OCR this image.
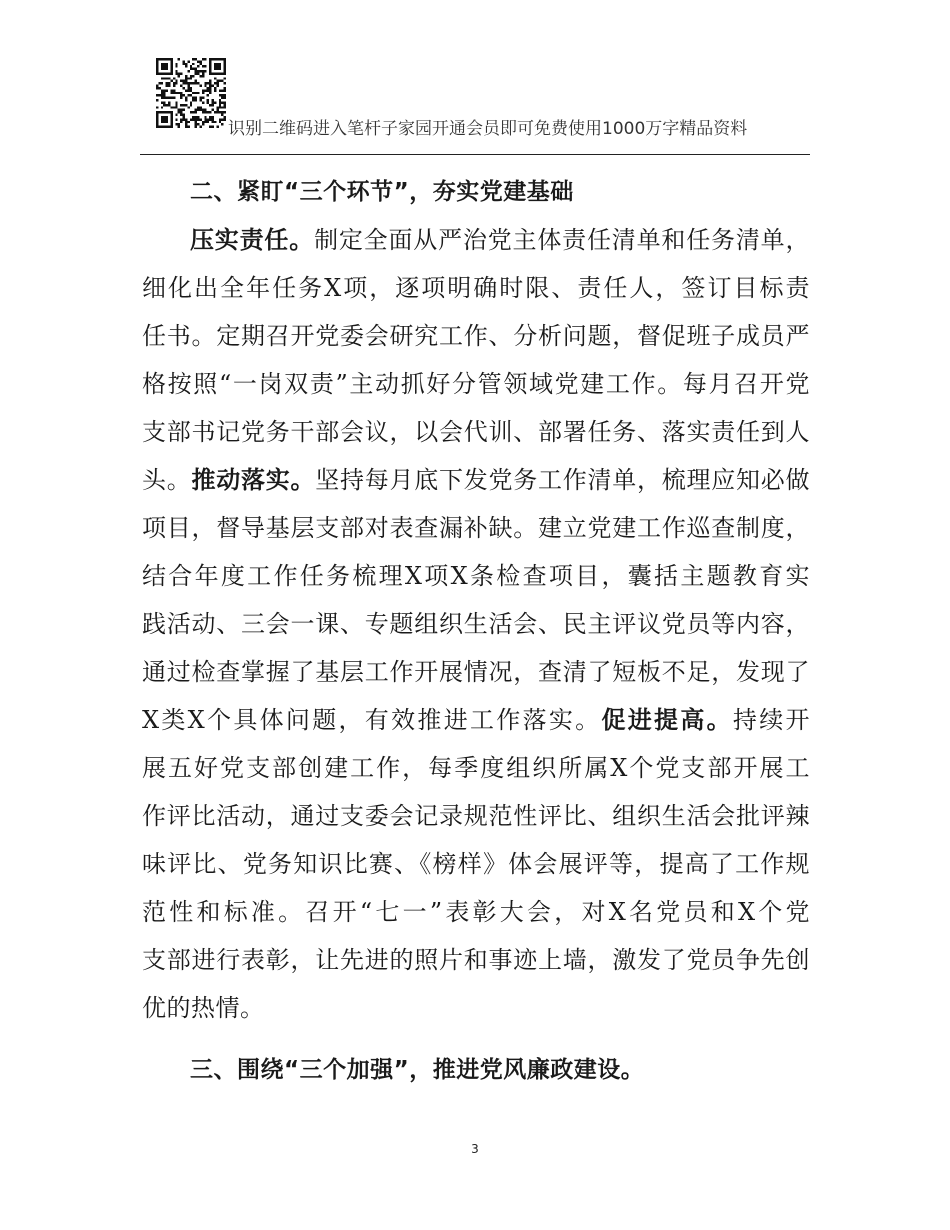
识别二维码进入笔杆子家园开通会员即可免费使用1000万字精品资料
二、紧盯“三个环节”，夯实党建基础
压实责任。制定全面从严治党主体责任清单和任务清单，
细化出全年任务X项，逐项明确时限、责任人，签订目标责
任书。定期召开党委会研究工作、分析问题，督促班子成员严
格按照“一岗双责”主动抓好分管领域党建工作。每月召开党
支部书记党务干部会议，以会代训、部署任务、落实责任到人
头。推动落实。坚持每月底下发党务工作清单，梳理应知必做
项目，督导基层支部对表查漏补缺。建立党建工作巡查制度，
结合年度工作任务梳理X项X条检查项目，囊括主题教育实
践活动、三会一课、专题组织生活会、民主评议党员等内容，
通过检查掌握了基层工作开展情况，查清了短板不足，发现了
X类X个具体问题，有效推进工作落实。促进提高。持续开
展五好党支部创建工作，每季度组织所属X个党支部开展工
作评比活动，通过支委会记录规范性评比、组织生活会批评辣
味评比、党务知识比赛、《榜样》体会展评等，提高了工作规
范性和标准。召开“七一”表彰大会，对X名党员和X个党
支部进行表彰，让先进的照片和事迹上墙，激发了党员争先创
优的热情。
三、围绕“三个加强”，推进党风廉政建设。
3
